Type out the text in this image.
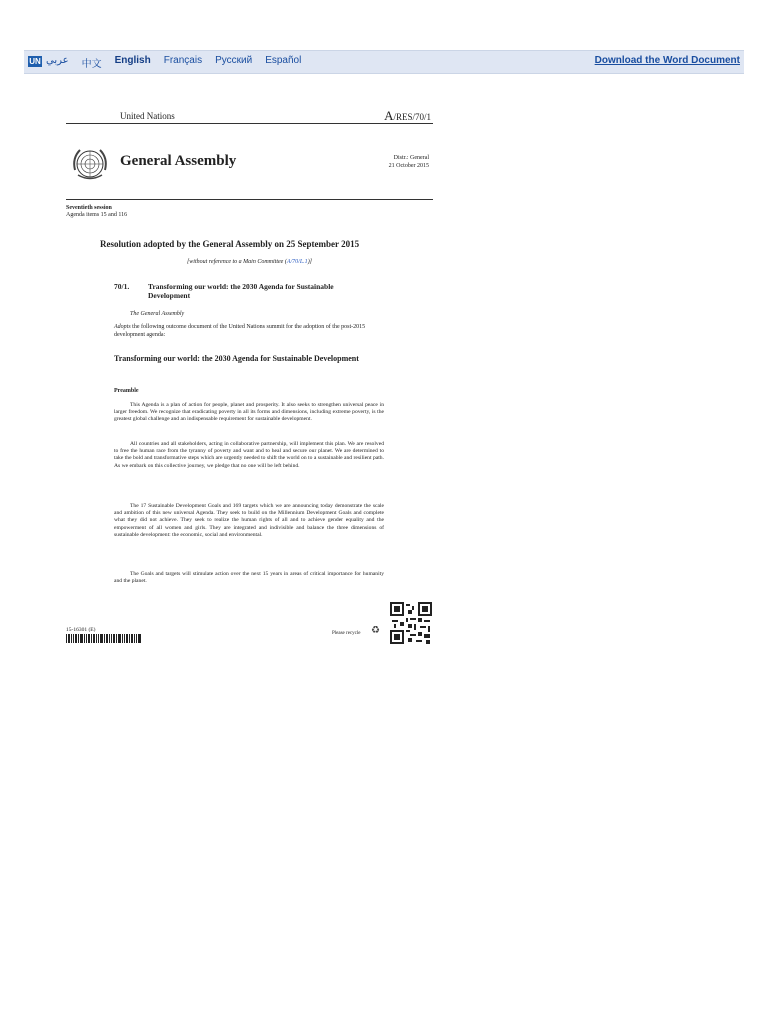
UN عربي 中文 English Français Русский Español	Download the Word Document
United Nations	A/RES/70/1
General Assembly	Distr.: General
21 October 2015
Seventieth session
Agenda items 15 and 116
Resolution adopted by the General Assembly on 25 September 2015
[without reference to a Main Committee (A/70/L.1)]
70/1.	Transforming our world: the 2030 Agenda for Sustainable Development
The General Assembly
Adopts the following outcome document of the United Nations summit for the adoption of the post-2015 development agenda:
Transforming our world: the 2030 Agenda for Sustainable Development
Preamble
This Agenda is a plan of action for people, planet and prosperity. It also seeks to strengthen universal peace in larger freedom. We recognize that eradicating poverty in all its forms and dimensions, including extreme poverty, is the greatest global challenge and an indispensable requirement for sustainable development.
All countries and all stakeholders, acting in collaborative partnership, will implement this plan. We are resolved to free the human race from the tyranny of poverty and want and to heal and secure our planet. We are determined to take the bold and transformative steps which are urgently needed to shift the world on to a sustainable and resilient path. As we embark on this collective journey, we pledge that no one will be left behind.
The 17 Sustainable Development Goals and 169 targets which we are announcing today demonstrate the scale and ambition of this new universal Agenda. They seek to build on the Millennium Development Goals and complete what they did not achieve. They seek to realize the human rights of all and to achieve gender equality and the empowerment of all women and girls. They are integrated and indivisible and balance the three dimensions of sustainable development: the economic, social and environmental.
The Goals and targets will stimulate action over the next 15 years in areas of critical importance for humanity and the planet.
15-16301 (E)
Please recycle ♻
